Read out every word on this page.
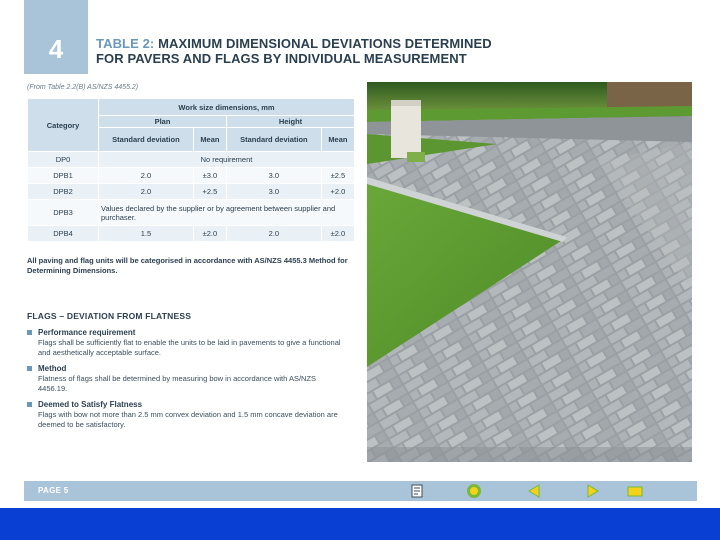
4	TABLE 2: MAXIMUM DIMENSIONAL DEVIATIONS DETERMINED
FOR PAVERS AND FLAGS BY INDIVIDUAL MEASUREMENT
(From Table 2.2(B) AS/NZS 4455.2)
Category	Work size dimensions, mm			
	Plan		Height	
	Standard deviation	Mean	Standard deviation	Mean
DP0	No requirement			
DPB1	2.0	±3.0	3.0	±2.5
DPB2	2.0	+2.5	3.0	+2.0
DPB3	Values declared by the supplier or by agreement between supplier and purchaser.			
DPB4	1.5	±2.0	2.0	±2.0
All paving and flag units will be categorised in accordance with AS/NZS 4455.3 Method for Determining Dimensions.
FLAGS – DEVIATION FROM FLATNESS
Performance requirement
Flags shall be sufficiently flat to enable the units to be laid in pavements to give a functional and aesthetically acceptable surface.
Method
Flatness of flags shall be determined by measuring bow in accordance with AS/NZS 4456.19.
Deemed to Satisfy Flatness
Flags with bow not more than 2.5 mm convex deviation and 1.5 mm concave deviation are deemed to be satisfactory.
PAGE 5
